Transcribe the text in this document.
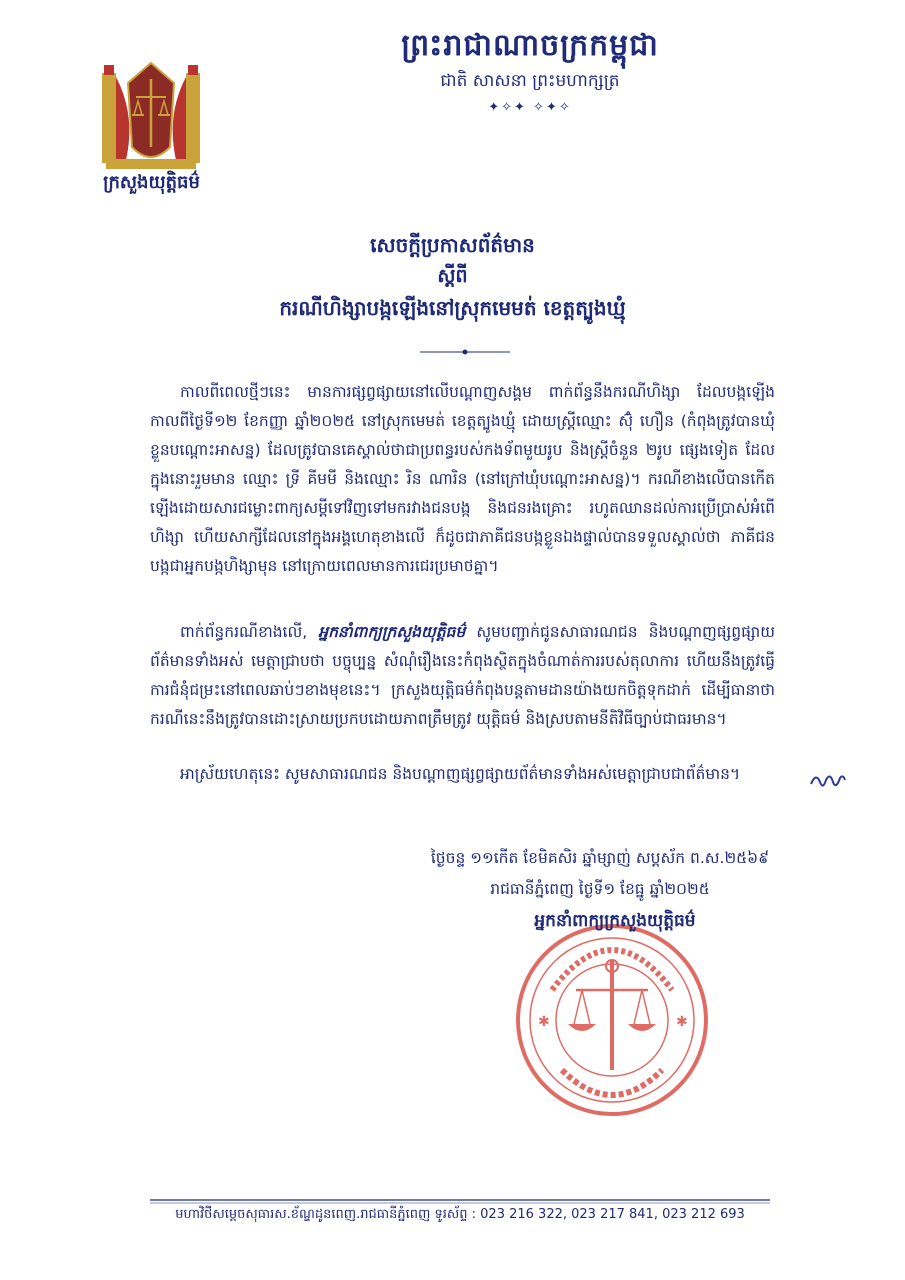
ព្រះរាជាណាចក្រកម្ពុជា
ជាតិ សាសនា ព្រះមហាក្សត្រ
✦✧✦ ✧✦✧
ក្រសួងយុត្តិធម៌
សេចក្ដីប្រកាសព័ត៌មាន
ស្ដីពី
ករណីហិង្សាបង្កឡើងនៅស្រុកមេមត់ ខេត្តត្បូងឃ្មុំ
កាលពីពេលថ្មីៗនេះ មានការផ្សព្វផ្សាយនៅលើបណ្ដាញសង្គម ពាក់ព័ន្ធនឹងករណីហិង្សា ដែលបង្កឡើងកាលពីថ្ងៃទី១២ ខែកញ្ញា ឆ្នាំ២០២៥ នៅស្រុកមេមត់ ខេត្តត្បូងឃ្មុំ ដោយស្ត្រីឈ្មោះ ស៊ុំ ហឿន (កំពុងត្រូវបានឃុំខ្លួនបណ្ដោះអាសន្ន) ដែលត្រូវបានគេស្គាល់ថាជាប្រពន្ធរបស់កងទ័ពមួយរូប និងស្ត្រីចំនួន ២រូប ផ្សេងទៀត ដែលក្នុងនោះរួមមាន ឈ្មោះ ទ្រី គីមមី និងឈ្មោះ រិន ណារិន (នៅក្រៅឃុំបណ្ដោះអាសន្ន)។ ករណីខាងលើបានកើតឡើងដោយសារជម្លោះពាក្យសម្ដីទៅវិញទៅមករវាងជនបង្ក និងជនរងគ្រោះ រហូតឈានដល់ការប្រើប្រាស់អំពើហិង្សា ហើយសាក្សីដែលនៅក្នុងអង្គហេតុខាងលើ ក៏ដូចជាភាគីជនបង្កខ្លួនឯងផ្ទាល់បានទទួលស្គាល់ថា ភាគីជនបង្កជាអ្នកបង្កហិង្សាមុន នៅក្រោយពេលមានការជេរប្រមាថគ្នា។
ពាក់ព័ន្ធករណីខាងលើ, អ្នកនាំពាក្យក្រសួងយុត្តិធម៌ សូមបញ្ជាក់ជូនសាធារណជន និងបណ្ដាញផ្សព្វផ្សាយព័ត៌មានទាំងអស់ មេត្តាជ្រាបថា បច្ចុប្បន្ន សំណុំរឿងនេះកំពុងស្ថិតក្នុងចំណាត់ការរបស់តុលាការ ហើយនឹងត្រូវធ្វើការជំនុំជម្រះនៅពេលឆាប់ៗខាងមុខនេះ។ ក្រសួងយុត្តិធម៌កំពុងបន្តតាមដានយ៉ាងយកចិត្តទុកដាក់ ដើម្បីធានាថា ករណីនេះនឹងត្រូវបានដោះស្រាយប្រកបដោយភាពត្រឹមត្រូវ យុត្តិធម៌ និងស្របតាមនីតិវិធីច្បាប់ជាធរមាន។
អាស្រ័យហេតុនេះ សូមសាធារណជន និងបណ្ដាញផ្សព្វផ្សាយព័ត៌មានទាំងអស់មេត្តាជ្រាបជាព័ត៌មាន។
ថ្ងៃចន្ទ ១១កើត ខែមិគសិរ ឆ្នាំម្សាញ់ សប្តស័ក ព.ស.២៥៦៩
រាជធានីភ្នំពេញ ថ្ងៃទី១ ខែធ្នូ ឆ្នាំ២០២៥
✱	✱
អ្នកនាំពាក្យក្រសួងយុត្តិធម៌
មហាវិថីសម្តេចសុធារស.ខ័ណ្ឌដូនពេញ.រាជធានីភ្នំពេញ ទូរស័ព្ទ : 023 216 322, 023 217 841, 023 212 693
